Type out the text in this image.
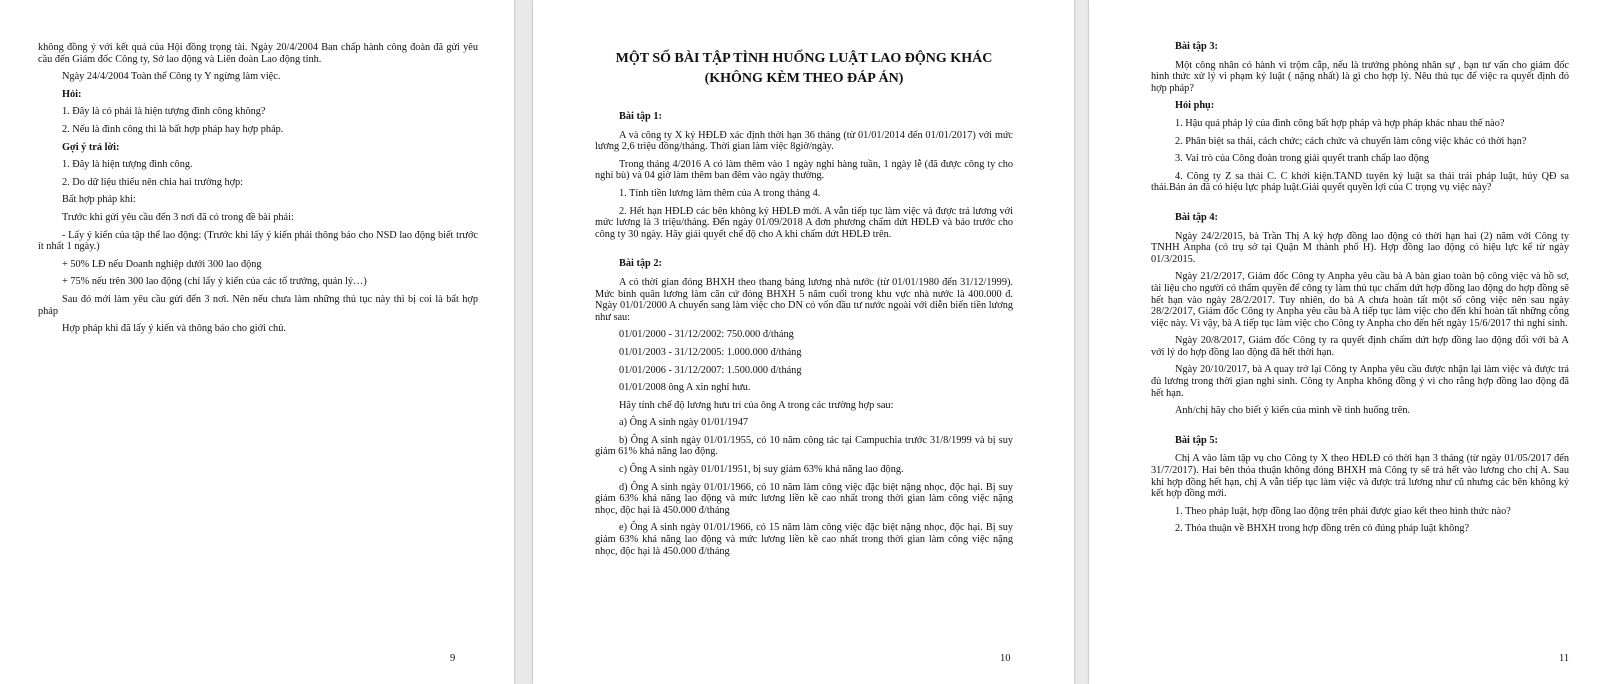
không đồng ý với kết quả của Hội đồng trọng tài. Ngày 20/4/2004 Ban chấp hành công đoàn đã gửi yêu cầu đến Giám đốc Công ty, Sở lao động và Liên đoàn Lao động tỉnh.

Ngày 24/4/2004 Toàn thể Công ty Y ngừng làm việc.

Hỏi:

1. Đây là có phải là hiện tượng đình công không?

2. Nếu là đình công thì là bất hợp pháp hay hợp pháp.

Gợi ý trả lời:

1. Đây là hiện tượng đình công.

2. Do dữ liệu thiếu nên chia hai trường hợp:

Bất hợp pháp khi:

Trước khi gửi yêu cầu đến 3 nơi đã có trong đề bài phải:

- Lấy ý kiến của tập thể lao động: (Trước khi lấy ý kiến phải thông báo cho NSD lao động biết trước ít nhất 1 ngày.)

+ 50% LĐ nếu Doanh nghiệp dưới 300 lao động

+ 75% nếu trên 300 lao động (chỉ lấy ý kiến của các tổ trưởng, quản lý…)

Sau đó mới làm yêu cầu gửi đến 3 nơi. Nên nếu chưa làm những thủ tục này thì bị coi là bất hợp pháp

Hợp pháp khi đã lấy ý kiến và thông báo cho giới chủ.

9
MỘT SỐ BÀI TẬP TÌNH HUỐNG LUẬT LAO ĐỘNG KHÁC
(KHÔNG KÈM THEO ĐÁP ÁN)

Bài tập 1:

A và công ty X ký HĐLĐ xác định thời hạn 36 tháng (từ 01/01/2014 đến 01/01/2017) với mức lương 2,6 triệu đồng/tháng. Thời gian làm việc 8giờ/ngày.

Trong tháng 4/2016 A có làm thêm vào 1 ngày nghỉ hàng tuần, 1 ngày lễ (đã được công ty cho nghỉ bù) và 04 giờ làm thêm ban đêm vào ngày thường.

1. Tính tiền lương làm thêm của A trong tháng 4.

2. Hết hạn HĐLĐ các bên không ký HĐLĐ mới. A vẫn tiếp tục làm việc và được trả lương với mức lương là 3 triệu/tháng. Đến ngày 01/09/2018 A đơn phương chấm dứt HĐLĐ và báo trước cho công ty 30 ngày. Hãy giải quyết chế độ cho A khi chấm dứt HĐLĐ trên.

Bài tập 2:

A có thời gian đóng BHXH theo thang bảng lương nhà nước (từ 01/01/1980 đến 31/12/1999). Mức bình quân lương làm căn cứ đóng BHXH 5 năm cuối trong khu vực nhà nước là 400.000 đ. Ngày 01/01/2000 A chuyển sang làm việc cho DN có vốn đầu tư nước ngoài với diễn biến tiền lương như sau:

01/01/2000 - 31/12/2002: 750.000 đ/tháng

01/01/2003 - 31/12/2005: 1.000.000 đ/tháng

01/01/2006 - 31/12/2007: 1.500.000 đ/tháng

01/01/2008 ông A xin nghỉ hưu.

Hãy tính chế độ lương hưu trí của ông A trong các trường hợp sau:

a) Ông A sinh ngày 01/01/1947

b) Ông A sinh ngày 01/01/1955, có 10 năm công tác tại Campuchia trước 31/8/1999 và bị suy giảm 61% khả năng lao động.

c) Ông A sinh ngày 01/01/1951, bị suy giảm 63% khả năng lao động.

d) Ông A sinh ngày 01/01/1966, có 10 năm làm công việc đặc biệt nặng nhọc, độc hại. Bị suy giảm 63% khả năng lao động và mức lương liền kề cao nhất trong thời gian làm công việc nặng nhọc, độc hại là 450.000 đ/tháng

e) Ông A sinh ngày 01/01/1966, có 15 năm làm công việc đặc biệt nặng nhọc, độc hại. Bị suy giảm 63% khả năng lao động và mức lương liền kề cao nhất trong thời gian làm công việc nặng nhọc, độc hại là 450.000 đ/tháng

10

Bài tập 3:

Một công nhân có hành vi trộm cắp, nếu là trưởng phòng nhân sự , bạn tư vấn cho giám đốc hình thức xử lý vi phạm kỷ luật ( nặng nhất) là gì cho hợp lý. Nêu thủ tục để việc ra quyết định đó hợp pháp?

Hỏi phụ:

1. Hậu quả pháp lý của đình công bất hợp pháp và hợp pháp khác nhau thế nào?

2. Phân biệt sa thải, cách chức; cách chức và chuyển làm công việc khác có thời hạn?

3. Vai trò của Công đoàn trong giải quyết tranh chấp lao động

4. Công ty Z sa thải C. C khởi kiện.TAND tuyên kỷ luật sa thải trái pháp luật, hủy QĐ sa thải.Bản án đã có hiệu lực pháp luật.Giải quyết quyền lợi của C trọng vụ việc này?

Bài tập 4:

Ngày 24/2/2015, bà Trần Thị A ký hợp đồng lao động có thời hạn hai (2) năm với Công ty TNHH Anpha (có trụ sở tại Quận M thành phố H). Hợp đồng lao động có hiệu lực kể từ ngày 01/3/2015.

Ngày 21/2/2017, Giám đốc Công ty Anpha yêu cầu bà A bàn giao toàn bộ công việc và hồ sơ, tài liệu cho người có thẩm quyền để công ty làm thủ tục chấm dứt hợp đồng lao động do hợp đồng sẽ hết hạn vào ngày 28/2/2017. Tuy nhiên, do bà A chưa hoàn tất một số công việc nên sau ngày 28/2/2017, Giám đốc Công ty Anpha yêu cầu bà A tiếp tục làm việc cho đến khi hoàn tất những công việc này. Vì vậy, bà A tiếp tục làm việc cho Công ty Anpha cho đến hết ngày 15/6/2017 thì nghỉ sinh.

Ngày 20/8/2017, Giám đốc Công ty ra quyết định chấm dứt hợp đồng lao động đối với bà A với lý do hợp đồng lao động đã hết thời hạn.

Ngày 20/10/2017, bà A quay trở lại Công ty Anpha yêu cầu được nhận lại làm việc và được trả đủ lương trong thời gian nghỉ sinh. Công ty Anpha không đồng ý vì cho rằng hợp đồng lao động đã hết hạn.

Anh/chị hãy cho biết ý kiến của mình về tình huống trên.

Bài tập 5:

Chị A vào làm tập vụ cho Công ty X theo HĐLĐ có thời hạn 3 tháng (từ ngày 01/05/2017 đến 31/7/2017). Hai bên thỏa thuận không đóng BHXH mà Công ty sẽ trả hết vào lương cho chị A. Sau khi hợp đồng hết hạn, chị A vẫn tiếp tục làm việc và được trả lương như cũ nhưng các bên không ký kết hợp đồng mới.

1. Theo pháp luật, hợp đồng lao động trên phải được giao kết theo hình thức nào?

2. Thỏa thuận về BHXH trong hợp đồng trên có đúng pháp luật không?

11
